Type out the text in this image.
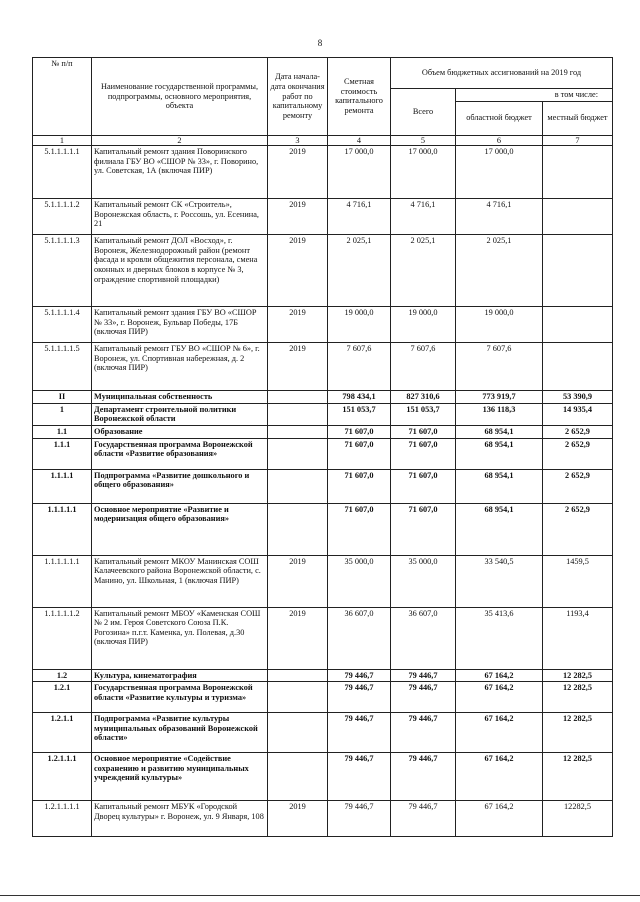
8
№ п/п	Наименование государственной программы, подпрограммы, основного мероприятия, объекта	Дата начала-дата окончания работ по капитальному ремонту	Сметная стоимость капитального ремонта	Объем бюджетных ассигнований на 2019 год		
				Всего	в том числе:	
					областной бюджет	местный бюджет
1	2	3	4	5	6	7
5.1.1.1.1.1	Капитальный ремонт здания Поворинского филиала ГБУ ВО «СШОР № 33», г. Поворино, ул. Советская, 1А (включая ПИР)	2019	17 000,0	17 000,0	17 000,0	
5.1.1.1.1.2	Капитальный ремонт СК «Строитель», Воронежская область, г. Россошь, ул. Есенина, 21	2019	4 716,1	4 716,1	4 716,1	
5.1.1.1.1.3	Капитальный ремонт ДОЛ «Восход», г. Воронеж, Железнодорожный район (ремонт фасада и кровли общежития персонала, смена оконных и дверных блоков в корпусе № 3, ограждение спортивной площадки)	2019	2 025,1	2 025,1	2 025,1	
5.1.1.1.1.4	Капитальный ремонт здания ГБУ ВО «СШОР № 33», г. Воронеж, Бульвар Победы, 17Б (включая ПИР)	2019	19 000,0	19 000,0	19 000,0	
5.1.1.1.1.5	Капитальный ремонт ГБУ ВО «СШОР № 6», г. Воронеж, ул. Спортивная набережная, д. 2 (включая ПИР)	2019	7 607,6	7 607,6	7 607,6	
II	Муниципальная собственность		798 434,1	827 310,6	773 919,7	53 390,9
1	Департамент строительной политики Воронежской области		151 053,7	151 053,7	136 118,3	14 935,4
1.1	Образование		71 607,0	71 607,0	68 954,1	2 652,9
1.1.1	Государственная программа Воронежской области «Развитие образования»		71 607,0	71 607,0	68 954,1	2 652,9
1.1.1.1	Подпрограмма «Развитие дошкольного и общего образования»		71 607,0	71 607,0	68 954,1	2 652,9
1.1.1.1.1	Основное мероприятие «Развитие и модернизация общего образования»		71 607,0	71 607,0	68 954,1	2 652,9
1.1.1.1.1.1	Капитальный ремонт МКОУ Манинская СОШ Калачеевского района Воронежской области, с. Манино, ул. Школьная, 1 (включая ПИР)	2019	35 000,0	35 000,0	33 540,5	1459,5
1.1.1.1.1.2	Капитальный ремонт МБОУ «Каменская СОШ № 2 им. Героя Советского Союза П.К. Рогозина» п.г.т. Каменка, ул. Полевая, д.30 (включая ПИР)	2019	36 607,0	36 607,0	35 413,6	1193,4
1.2	Культура, кинематография		79 446,7	79 446,7	67 164,2	12 282,5
1.2.1	Государственная программа Воронежской области «Развитие культуры и туризма»		79 446,7	79 446,7	67 164,2	12 282,5
1.2.1.1	Подпрограмма «Развитие культуры муниципальных образований Воронежской области»		79 446,7	79 446,7	67 164,2	12 282,5
1.2.1.1.1	Основное мероприятие «Содействие сохранению и развитию муниципальных учреждений культуры»		79 446,7	79 446,7	67 164,2	12 282,5
1.2.1.1.1.1	Капитальный ремонт МБУК «Городской Дворец культуры» г. Воронеж, ул. 9 Января, 108	2019	79 446,7	79 446,7	67 164,2	12282,5
